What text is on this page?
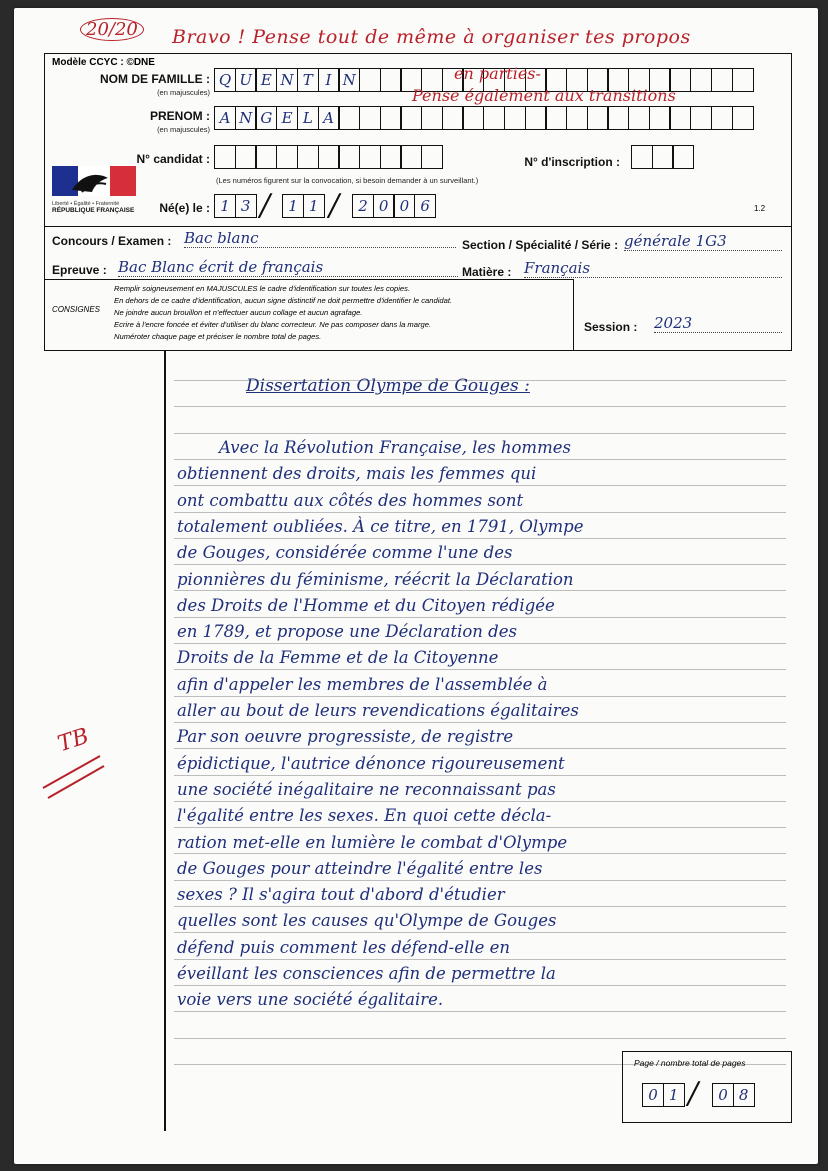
20/20	Bravo ! Pense tout de même à organiser tes propos
en parties-
Pense également aux transitions
Modèle CCYC : ©DNE
NOM DE FAMILLE :
(en majuscules)
Q U E N T I N
PRENOM :
(en majuscules)
A N G E L A
N° candidat :
(Les numéros figurent sur la convocation, si besoin demander à un surveillant.)
N° d'inscription :
Liberté • Égalité • Fraternité
RÉPUBLIQUE FRANÇAISE	Né(e) le : 1 3 /	1 1 /	2 0 0 6	1.2
Concours / Examen : Bac blanc	Section / Spécialité / Série : générale 1G3
Epreuve : Bac Blanc écrit de français	Matière : Français
CONSIGNES
Remplir soigneusement en MAJUSCULES le cadre d'identification sur toutes les copies.
En dehors de ce cadre d'identification, aucun signe distinctif ne doit permettre d'identifier le candidat.
Ne joindre aucun brouillon et n'effectuer aucun collage et aucun agrafage.
Ecrire à l'encre foncée et éviter d'utiliser du blanc correcteur. Ne pas composer dans la marge.
Numéroter chaque page et préciser le nombre total de pages.
Session : 2023
TB
Dissertation Olympe de Gouges :
Avec la Révolution Française, les hommes
obtiennent des droits, mais les femmes qui
ont combattu aux côtés des hommes sont
totalement oubliées. À ce titre, en 1791, Olympe
de Gouges, considérée comme l'une des
pionnières du féminisme, réécrit la Déclaration
des Droits de l'Homme et du Citoyen rédigée
en 1789, et propose une Déclaration des
Droits de la Femme et de la Citoyenne
afin d'appeler les membres de l'assemblée à
aller au bout de leurs revendications égalitaires
Par son oeuvre progressiste, de registre
épidictique, l'autrice dénonce rigoureusement
une société inégalitaire ne reconnaissant pas
l'égalité entre les sexes. En quoi cette décla-
ration met-elle en lumière le combat d'Olympe
de Gouges pour atteindre l'égalité entre les
sexes ? Il s'agira tout d'abord d'étudier
quelles sont les causes qu'Olympe de Gouges
défend puis comment les défend-elle en
éveillant les consciences afin de permettre la
voie vers une société égalitaire.
Page / nombre total de pages
0 1 /	0 8
